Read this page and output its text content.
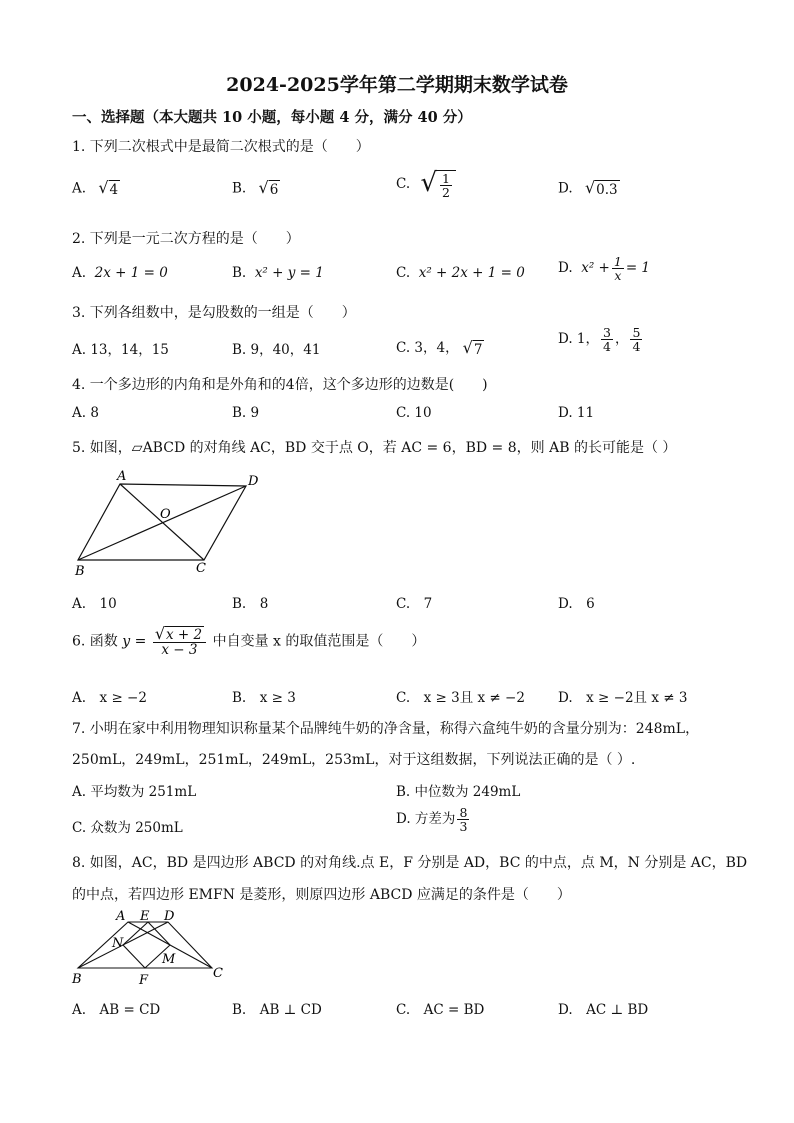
2024-2025学年第二学期期末数学试卷
一、选择题（本大题共 10 小题，每小题 4 分，满分 40 分）
1. 下列二次根式中是最简二次根式的是（　　）
A. √ 4	B. √ 6	C. √ $\frac{1}{2}$	D. √ 0.3
2. 下列是一元二次方程的是（　　）
A. 2x + 1 = 0	B. x² + y = 1	C. x² + 2x + 1 = 0 D. $x^2 + \frac{1}{x} = 1$
3. 下列各组数中，是勾股数的一组是（　　）
A. 13，14，15	B. 9，40，41	C. 3，4， √ 7
D. 1， $\frac{3}{4}$ ， $\frac{5}{4}$
4. 一个多边形的内角和是外角和的4倍，这个多边形的边数是(　　)
A. 8	B. 9	C. 10	D. 11
5. 如图，▱ABCD 的对角线 AC，BD 交于点 O，若 AC = 6，BD = 8，则 AB 的长可能是（ ）
A	D
O
B	C
A.　10	B.　8	C.　7	D.　6
6. 函数 $y = \frac{√ x + 2}{x - 3}$ 中自变量 x 的取值范围是（　　）
A.　x ≥ −2	B.　x ≥ 3	C.　x ≥ 3且 x ≠ −2 D.　x ≥ −2且 x ≠ 3
7. 小明在家中利用物理知识称量某个品牌纯牛奶的净含量，称得六盒纯牛奶的含量分别为：248mL，
250mL，249mL，251mL，249mL，253mL，对于这组数据，下列说法正确的是（ ）.
A. 平均数为 251mL	B. 中位数为 249mL
C. 众数为 250mL
D. 方差为 $\frac{8}{3}$
8. 如图，AC，BD 是四边形 ABCD 的对角线.点 E，F 分别是 AD，BC 的中点，点 M，N 分别是 AC，BD
的中点，若四边形 EMFN 是菱形，则原四边形 ABCD 应满足的条件是（　　）
A E D
N
M
B	F	C
A.　AB = CD	B.　AB ⊥ CD	C.　AC = BD	D.　AC ⊥ BD
